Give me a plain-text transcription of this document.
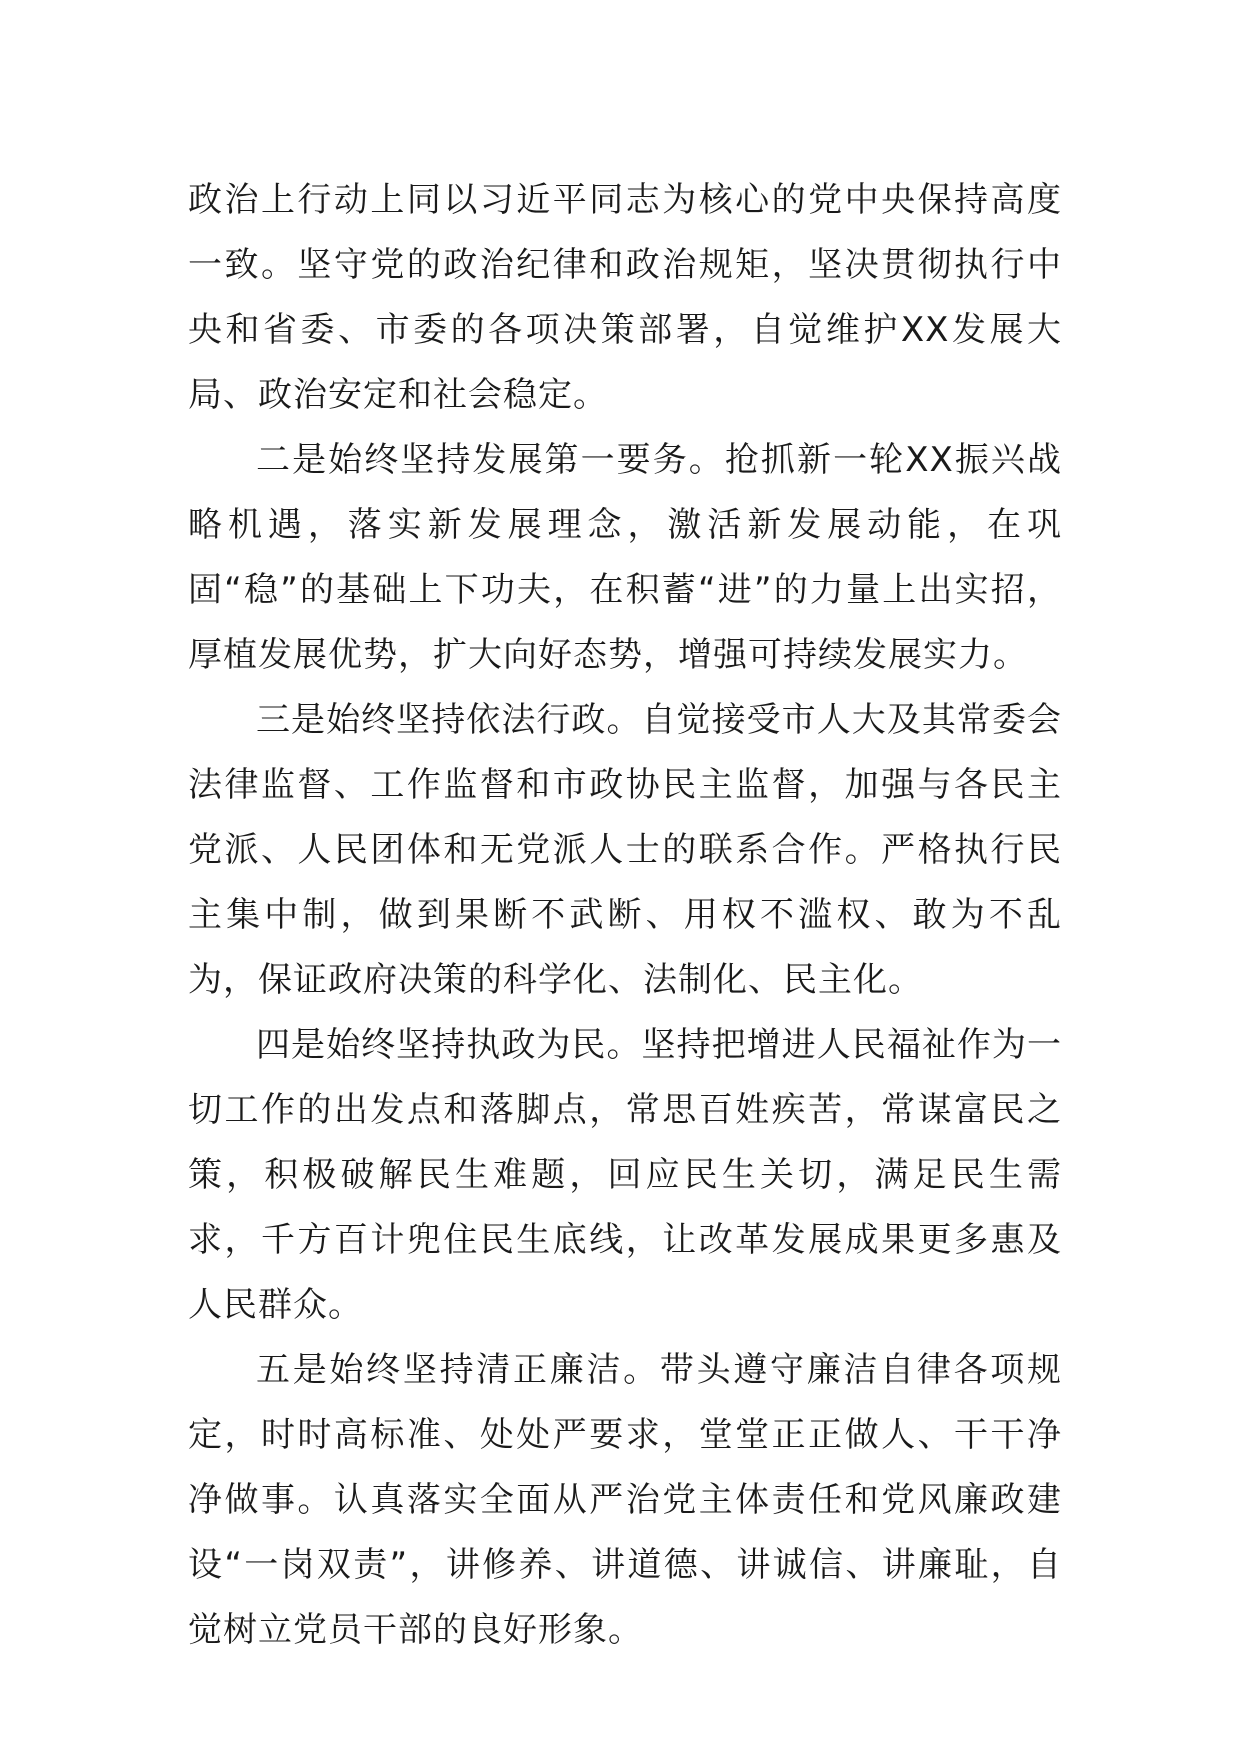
政治上行动上同以习近平同志为核心的党中央保持高度一致。坚守党的政治纪律和政治规矩，坚决贯彻执行中央和省委、市委的各项决策部署，自觉维护XX发展大局、政治安定和社会稳定。

二是始终坚持发展第一要务。抢抓新一轮XX振兴战略机遇，落实新发展理念，激活新发展动能，在巩固“稳”的基础上下功夫，在积蓄“进”的力量上出实招，厚植发展优势，扩大向好态势，增强可持续发展实力。

三是始终坚持依法行政。自觉接受市人大及其常委会法律监督、工作监督和市政协民主监督，加强与各民主党派、人民团体和无党派人士的联系合作。严格执行民主集中制，做到果断不武断、用权不滥权、敢为不乱为，保证政府决策的科学化、法制化、民主化。

四是始终坚持执政为民。坚持把增进人民福祉作为一切工作的出发点和落脚点，常思百姓疾苦，常谋富民之策，积极破解民生难题，回应民生关切，满足民生需求，千方百计兜住民生底线，让改革发展成果更多惠及人民群众。

五是始终坚持清正廉洁。带头遵守廉洁自律各项规定，时时高标准、处处严要求，堂堂正正做人、干干净净做事。认真落实全面从严治党主体责任和党风廉政建设“一岗双责”，讲修养、讲道德、讲诚信、讲廉耻，自觉树立党员干部的良好形象。
